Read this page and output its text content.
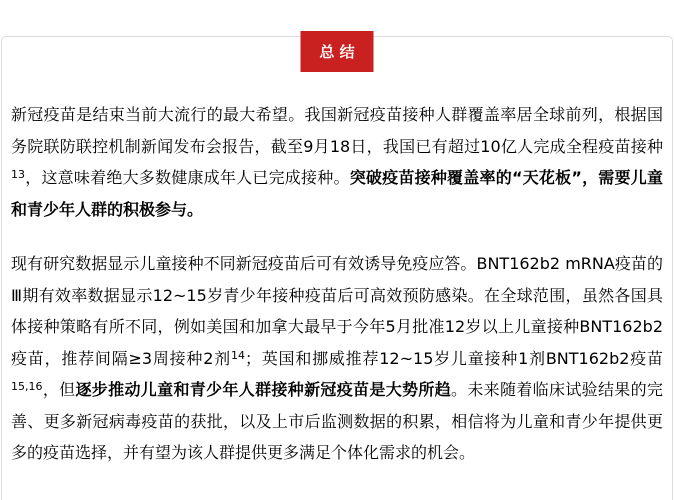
总 结

新冠疫苗是结束当前大流行的最大希望。我国新冠疫苗接种人群覆盖率居全球前列，根据国务院联防联控机制新闻发布会报告，截至9月18日，我国已有超过10亿人完成全程疫苗接种$^{13}$，这意味着绝大多数健康成年人已完成接种。突破疫苗接种覆盖率的“天花板”，需要儿童和青少年人群的积极参与。

现有研究数据显示儿童接种不同新冠疫苗后可有效诱导免疫应答。BNT162b2 mRNA疫苗的Ⅲ期有效率数据显示12~15岁青少年接种疫苗后可高效预防感染。在全球范围，虽然各国具体接种策略有所不同，例如美国和加拿大最早于今年5月批准12岁以上儿童接种BNT162b2疫苗，推荐间隔≥3周接种2剂$^{14}$；英国和挪威推荐12~15岁儿童接种1剂BNT162b2疫苗$^{15,16}$，但逐步推动儿童和青少年人群接种新冠疫苗是大势所趋。未来随着临床试验结果的完善、更多新冠病毒疫苗的获批，以及上市后监测数据的积累，相信将为儿童和青少年提供更多的疫苗选择，并有望为该人群提供更多满足个体化需求的机会。
